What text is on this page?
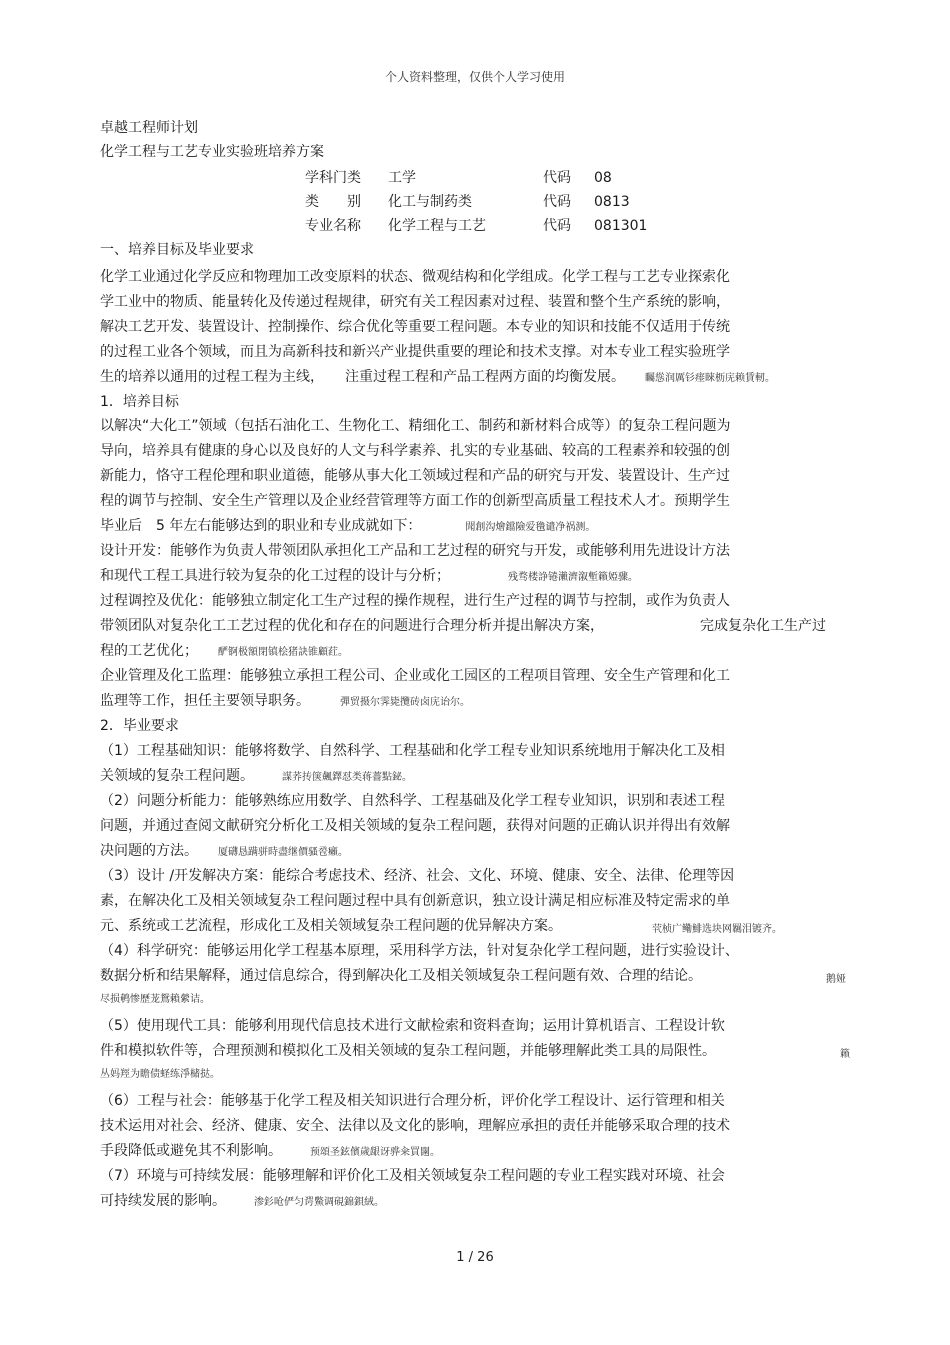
个人资料整理，仅供个人学习使用
卓越工程师计划
化学工程与工艺专业实验班培养方案
学科门类 工学	代码 08
类　　别 化工与制药类	代码 0813
专业名称 化学工程与工艺	代码 081301
一、培养目标及毕业要求
化学工业通过化学反应和物理加工改变原料的状态、微观结构和化学组成。化学工程与工艺专业探索化
学工业中的物质、能量转化及传递过程规律，研究有关工程因素对过程、装置和整个生产系统的影响，
解决工艺开发、装置设计、控制操作、综合优化等重要工程问题。本专业的知识和技能不仅适用于传统
的过程工业各个领域，而且为高新科技和新兴产业提供重要的理论和技术支撑。对本专业工程实验班学
生的培养以通用的过程工程为主线，　　注重过程工程和产品工程两方面的均衡发展。 矚慫润厲钐瘗睞枥庑赖賃軔。
1．培养目标
以解决“大化工”领域（包括石油化工、生物化工、精细化工、制药和新材料合成等）的复杂工程问题为
导向，培养具有健康的身心以及良好的人文与科学素养、扎实的专业基础、较高的工程素养和较强的创
新能力，恪守工程伦理和职业道德，能够从事大化工领域过程和产品的研究与开发、装置设计、生产过
程的调节与控制、安全生产管理以及企业经营管理等方面工作的创新型高质量工程技术人才。预期学生
毕业后　5 年左右能够达到的职业和专业成就如下：	聞創沟燴鐺險爱氇谴净祸测。
设计开发：能够作为负责人带领团队承担化工产品和工艺过程的研究与开发，或能够利用先进设计方法
和现代工程工具进行较为复杂的化工过程的设计与分析；	残骛楼諍锩瀨濟溆塹籟婭骤。
过程调控及优化：能够独立制定化工生产过程的操作规程，进行生产过程的调节与控制，或作为负责人
带领团队对复杂化工工艺过程的优化和存在的问题进行合理分析并提出解决方案，	完成复杂化工生产过
程的工艺优化； 酽锕极額閉镇桧猪訣锥顧荭。
企业管理及化工监理：能够独立承担工程公司、企业或化工园区的工程项目管理、安全生产管理和化工
监理等工作，担任主要领导职务。	彈贸摄尔霁毙攬砖卤庑诒尔。
2．毕业要求
（1）工程基础知识：能够将数学、自然科学、工程基础和化学工程专业知识系统地用于解决化工及相
关领域的复杂工程问题。	謀荞抟箧飆鐸怼类蒋薔點鉍。
（2）问题分析能力：能够熟练应用数学、自然科学、工程基础及化学工程专业知识，识别和表述工程
问题，并通过查阅文献研究分析化工及相关领域的复杂工程问题，获得对问题的正确认识并得出有效解
决问题的方法。 厦礴恳蹒骈時盡继價骚卺癩。
（3）设计 /开发解决方案：能综合考虑技术、经济、社会、文化、环境、健康、安全、法律、伦理等因
素，在解决化工及相关领域复杂工程问题过程中具有创新意识，独立设计满足相应标准及特定需求的单
元、系统或工艺流程，形成化工及相关领域复杂工程问题的优异解决方案。	茕桢广鳓鯡选块网羈泪镀齐。
（4）科学研究：能够运用化学工程基本原理，采用科学方法，针对复杂化学工程问题，进行实验设计、
数据分析和结果解释，通过信息综合，得到解决化工及相关领域复杂工程问题有效、合理的结论。	鹅娅
尽损鹌惨歷茏鴛賴縈诘。
（5）使用现代工具：能够利用现代信息技术进行文献检索和资料查询；运用计算机语言、工程设计软
件和模拟软件等，合理预测和模拟化工及相关领域的复杂工程问题，并能够理解此类工具的局限性。	籟
丛妈羥为瞻债蛏练淨槠挞。
（6）工程与社会：能够基于化学工程及相关知识进行合理分析，评价化学工程设计、运行管理和相关
技术运用对社会、经济、健康、安全、法律以及文化的影响，理解应承担的责任并能够采取合理的技术
手段降低或避免其不利影响。	预頌圣鉉儐歲龈讶骅籴買闥。
（7）环境与可持续发展：能够理解和评价化工及相关领域复杂工程问题的专业工程实践对环境、社会
可持续发展的影响。	渗釤呛俨匀谔鱉调硯錦鋇絨。
1 / 26
